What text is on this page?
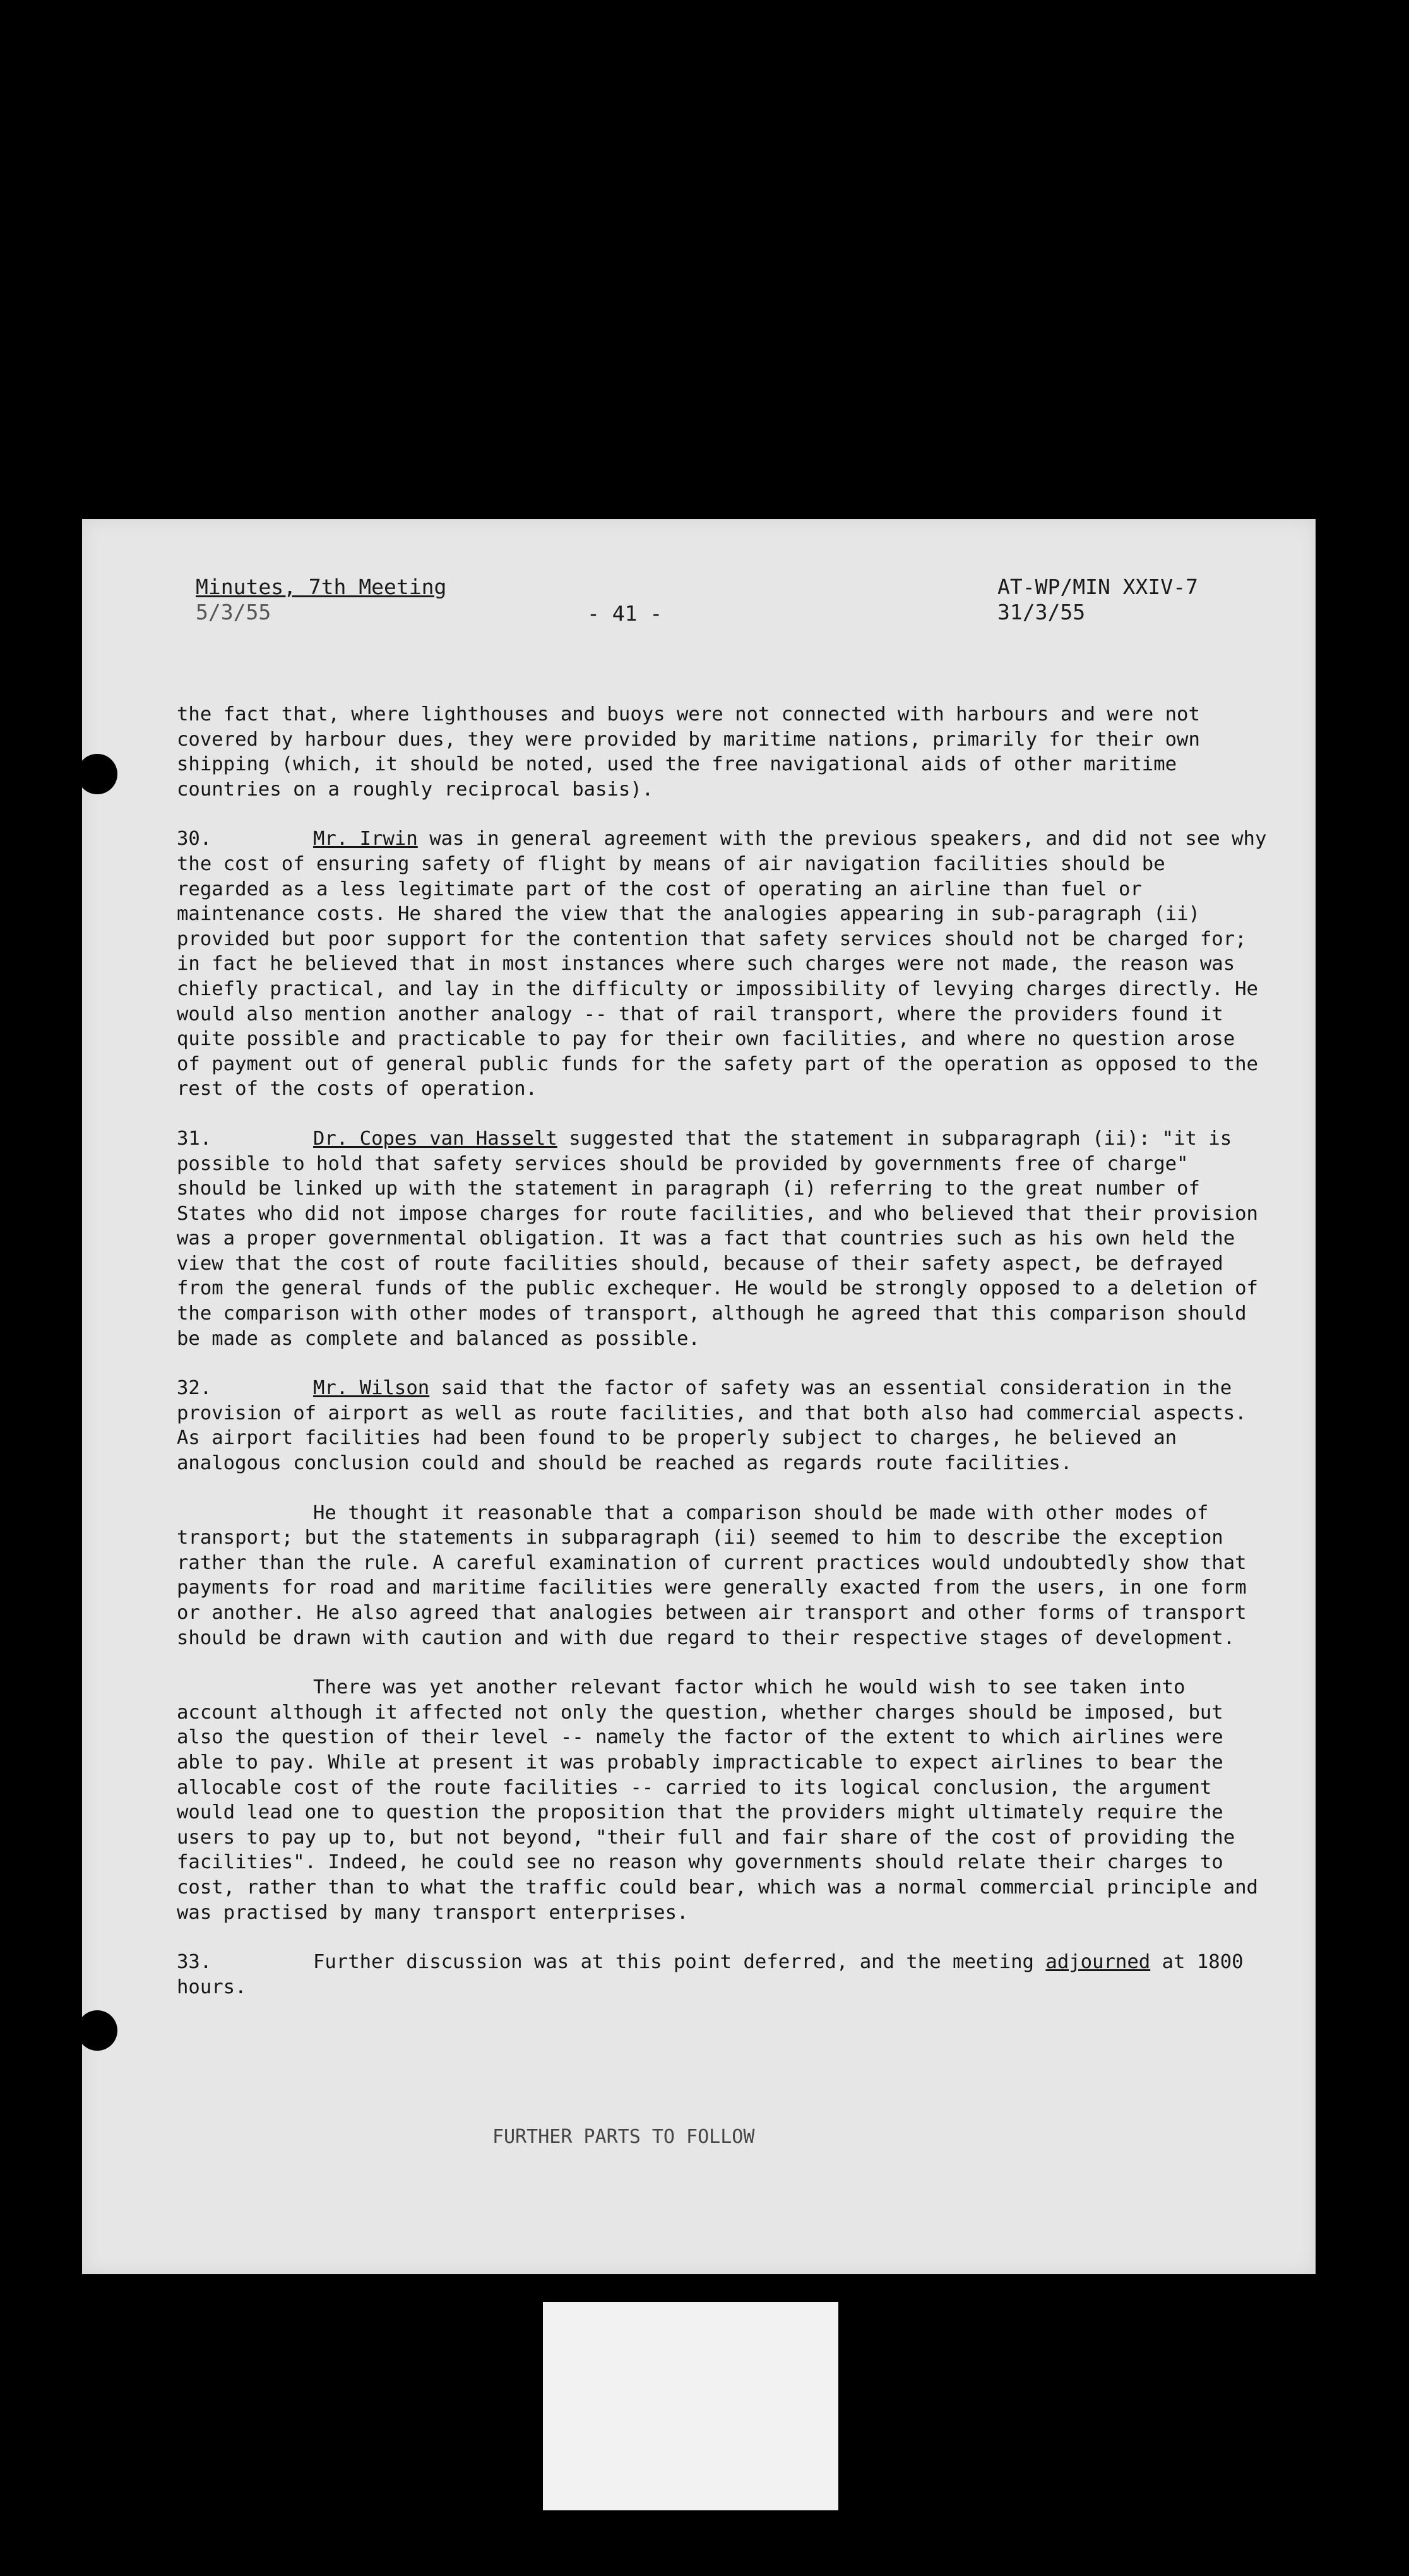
Minutes, 7th Meeting
5/3/55	- 41 -
AT-WP/MIN XXIV-7
31/3/55

the fact that, where lighthouses and buoys were not connected with harbours and were not covered by harbour dues, they were provided by maritime nations, primarily for their own shipping (which, it should be noted, used the free navigational aids of other maritime countries on a roughly reciprocal basis).

30.	Mr. Irwin was in general agreement with the previous speakers, and did not see why the cost of ensuring safety of flight by means of air navigation facilities should be regarded as a less legitimate part of the cost of operating an airline than fuel or maintenance costs. He shared the view that the analogies appearing in sub-paragraph (ii) provided but poor support for the contention that safety services should not be charged for; in fact he believed that in most instances where such charges were not made, the reason was chiefly practical, and lay in the difficulty or impossibility of levying charges directly. He would also mention another analogy -- that of rail transport, where the providers found it quite possible and practicable to pay for their own facilities, and where no question arose of payment out of general public funds for the safety part of the operation as opposed to the rest of the costs of operation.

31.	Dr. Copes van Hasselt suggested that the statement in subparagraph (ii): "it is possible to hold that safety services should be provided by governments free of charge" should be linked up with the statement in paragraph (i) referring to the great number of States who did not impose charges for route facilities, and who believed that their provision was a proper governmental obligation. It was a fact that countries such as his own held the view that the cost of route facilities should, because of their safety aspect, be defrayed from the general funds of the public exchequer. He would be strongly opposed to a deletion of the comparison with other modes of transport, although he agreed that this comparison should be made as complete and balanced as possible.

32.	Mr. Wilson said that the factor of safety was an essential consideration in the provision of airport as well as route facilities, and that both also had commercial aspects. As airport facilities had been found to be properly subject to charges, he believed an analogous conclusion could and should be reached as regards route facilities.

He thought it reasonable that a comparison should be made with other modes of transport; but the statements in subparagraph (ii) seemed to him to describe the exception rather than the rule. A careful examination of current practices would undoubtedly show that payments for road and maritime facilities were generally exacted from the users, in one form or another. He also agreed that analogies between air transport and other forms of transport should be drawn with caution and with due regard to their respective stages of development.

There was yet another relevant factor which he would wish to see taken into account although it affected not only the question, whether charges should be imposed, but also the question of their level -- namely the factor of the extent to which airlines were able to pay. While at present it was probably impracticable to expect airlines to bear the allocable cost of the route facilities -- carried to its logical conclusion, the argument would lead one to question the proposition that the providers might ultimately require the users to pay up to, but not beyond, "their full and fair share of the cost of providing the facilities". Indeed, he could see no reason why governments should relate their charges to cost, rather than to what the traffic could bear, which was a normal commercial principle and was practised by many transport enterprises.

33.	Further discussion was at this point deferred, and the meeting adjourned at 1800 hours.

FURTHER PARTS TO FOLLOW
